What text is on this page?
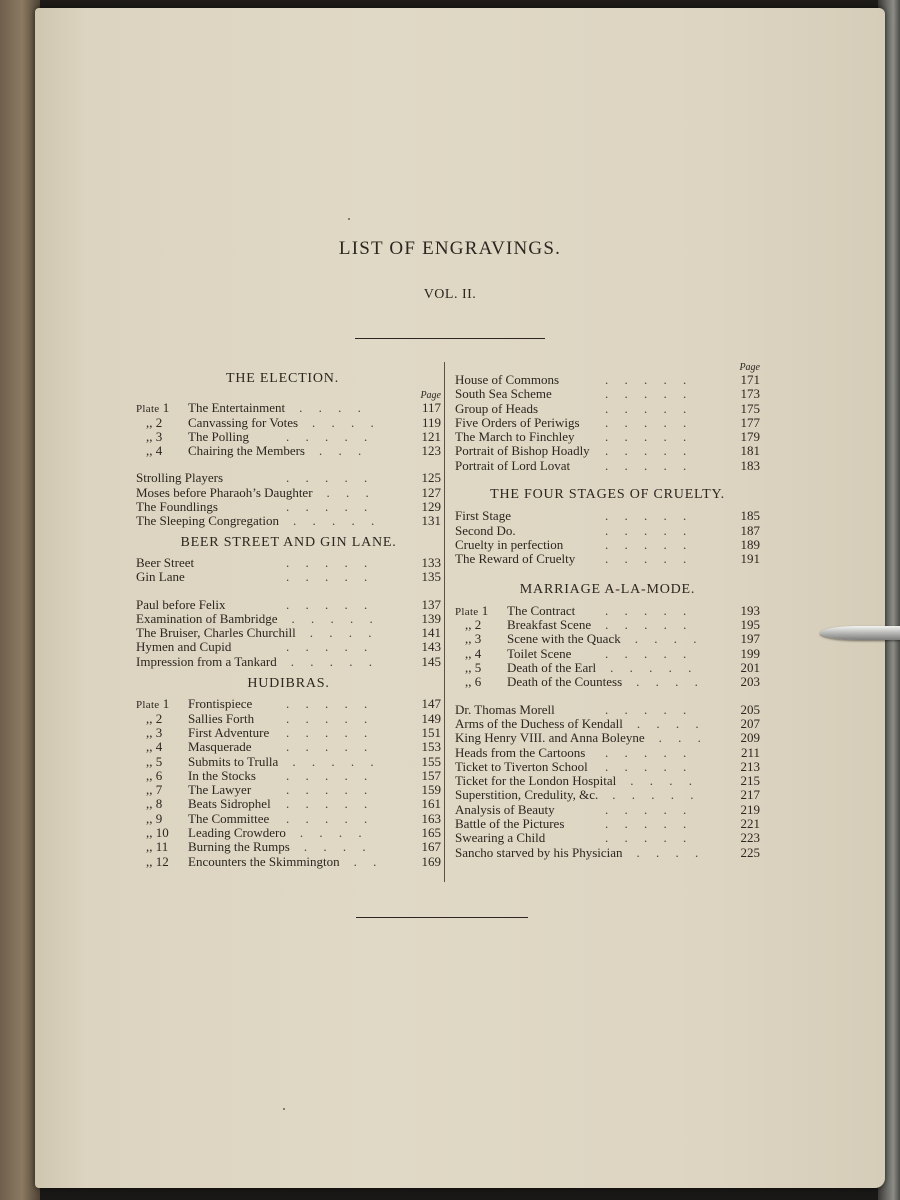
LIST OF ENGRAVINGS.
VOL. II.
THE ELECTION.
Page
Plate 1 The Entertainment .     .     .     .	117
,, 2 Canvassing for Votes .     .     .     .	119
,, 3 The Polling	.     .     .     .     .	121
,, 4 Chairing the Members .     .     .	123
Strolling Players	.     .     .     .     .	125
Moses before Pharaoh’s Daughter .     .     .	127
The Foundlings	.     .     .     .     .	129
The Sleeping Congregation .     .     .     .     .	131
BEER STREET AND GIN LANE.
Beer Street	.     .     .     .     .	133
Gin Lane	.     .     .     .     .	135
Paul before Felix	.     .     .     .     .	137
Examination of Bambridge .     .     .     .     .	139
The Bruiser, Charles Churchill .     .     .     .	141
Hymen and Cupid	.     .     .     .     .	143
Impression from a Tankard .     .     .     .     .	145
HUDIBRAS.
Plate 1 Frontispiece	.     .     .     .     .	147
,, 2 Sallies Forth .     .     .     .     .	149
,, 3 First Adventure .     .     .     .     .	151
,, 4 Masquerade	.     .     .     .     .	153
,, 5 Submits to Trulla .     .     .     .     .	155
,, 6 In the Stocks .     .     .     .     .	157
,, 7 The Lawyer	.     .     .     .     .	159
,, 8 Beats Sidrophel .     .     .     .     .	161
,, 9 The Committee .     .     .     .     .	163
,, 10 Leading Crowdero .     .     .     .	165
,, 11 Burning the Rumps .     .     .     .	167
,, 12 Encounters the Skimmington .     .	169
Page
House of Commons	.     .     .     .     .	171
South Sea Scheme	.     .     .     .     .	173
Group of Heads	.     .     .     .     .	175
Five Orders of Periwigs .     .     .     .     .	177
The March to Finchley .     .     .     .     .	179
Portrait of Bishop Hoadly .     .     .     .     .	181
Portrait of Lord Lovat	.     .     .     .     .	183
THE FOUR STAGES OF CRUELTY.
First Stage	.     .     .     .     .	185
Second Do.	.     .     .     .     .	187
Cruelty in perfection	.     .     .     .     .	189
The Reward of Cruelty .     .     .     .     .	191
MARRIAGE A-LA-MODE.
Plate 1 The Contract .     .     .     .     .	193
,, 2 Breakfast Scene .     .     .     .     .	195
,, 3 Scene with the Quack .     .     .     .	197
,, 4 Toilet Scene	.     .     .     .     .	199
,, 5 Death of the Earl .     .     .     .     .	201
,, 6 Death of the Countess .     .     .     .	203
Dr. Thomas Morell	.     .     .     .     .	205
Arms of the Duchess of Kendall .     .     .     .	207
King Henry VIII. and Anna Boleyne .     .     .	209
Heads from the Cartoons .     .     .     .     .	211
Ticket to Tiverton School .     .     .     .     .	213
Ticket for the London Hospital .     .     .     .	215
Superstition, Credulity, &c. .     .     .     .     .	217
Analysis of Beauty	.     .     .     .     .	219
Battle of the Pictures	.     .     .     .     .	221
Swearing a Child	.     .     .     .     .	223
Sancho starved by his Physician .     .     .     .	225
